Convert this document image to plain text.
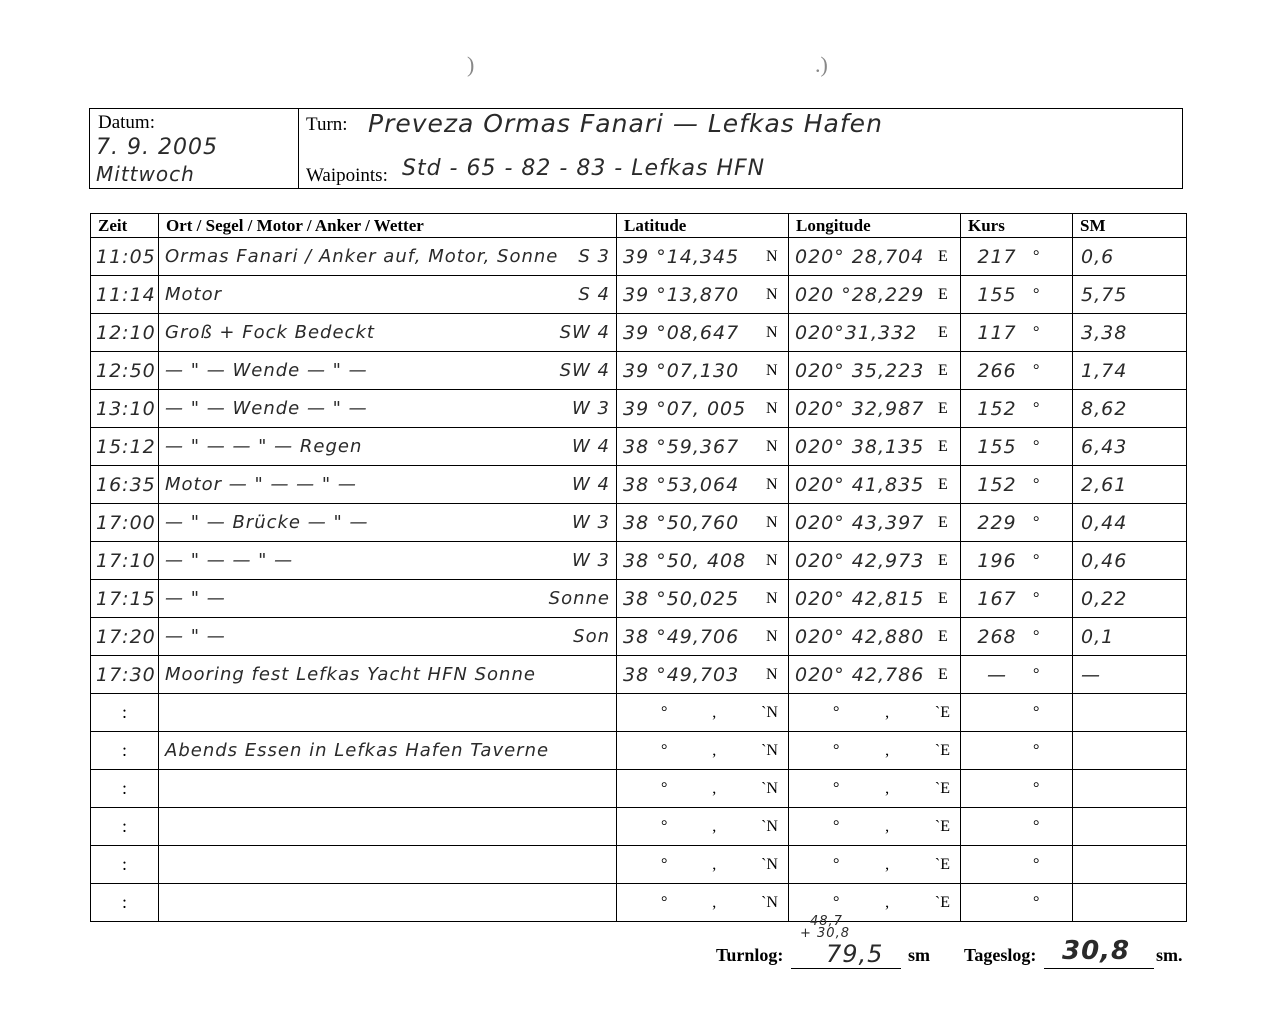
)	.)
Datum:
7. 9. 2005
Mittwoch
Turn: Preveza Ormas Fanari — Lefkas Hafen
Waipoints: Std - 65 - 82 - 83 - Lefkas HFN
Zeit	Ort / Segel / Motor / Anker / Wetter	Latitude	Longitude	Kurs	SM
11:05	Ormas Fanari / Anker auf, Motor, Sonne S 3	39 °14,345 N	020° 28,704 E	217 °	0,6
11:14	Motor S 4	39 °13,870 N	020 °28,229 E	155 °	5,75
12:10	Groß + Fock Bedeckt SW 4	39 °08,647 N	020°31,332 E	117 °	3,38
12:50	— " — Wende — " — SW 4	39 °07,130 N	020° 35,223 E	266 °	1,74
13:10	— " — Wende — " — W 3	39 °07, 005 N	020° 32,987 E	152 °	8,62
15:12	— " — — " — Regen W 4	38 °59,367 N	020° 38,135 E	155 °	6,43
16:35	Motor — " — — " — W 4	38 °53,064 N	020° 41,835 E	152 °	2,61
17:00	— " — Brücke — " — W 3	38 °50,760 N	020° 43,397 E	229 °	0,44
17:10	— " — — " — W 3	38 °50, 408 N	020° 42,973 E	196 °	0,46
17:15	— " — Sonne	38 °50,025 N	020° 42,815 E	167 °	0,22
17:20	— " — Son	38 °49,706 N	020° 42,880 E	268 °	0,1
17:30	Mooring fest Lefkas Yacht HFN Sonne	38 °49,703 N	020° 42,786 E	— °	—

:		° , `N	° , `E	°	

:	Abends Essen in Lefkas Hafen Taverne	° , `N	° , `E	°	

:		° , `N	° , `E	°	

:		° , `N	° , `E	°	

:		° , `N	° , `E	°	

:		° , `N	° , `E	°	

Turnlog:
48,7
+ 30,8
79,5 sm Tageslog: 30,8 sm.
